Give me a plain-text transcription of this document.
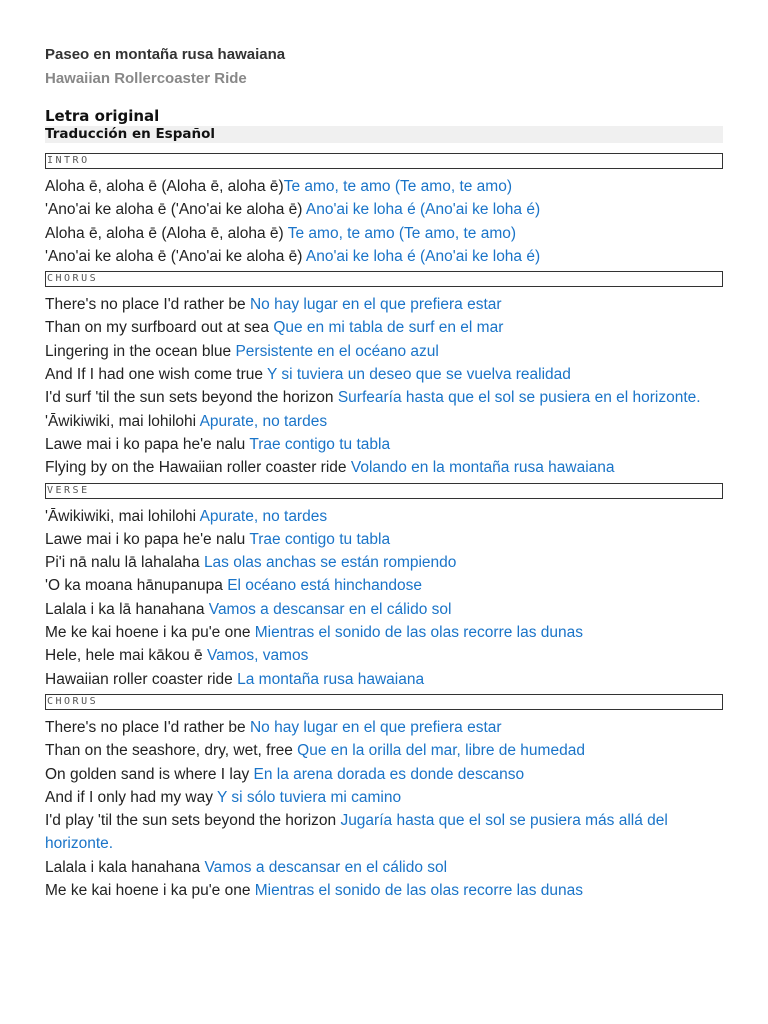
Paseo en montaña rusa hawaiana
Hawaiian Rollercoaster Ride
Letra original
Traducción en Español
INTRO
Aloha ē, aloha ē (Aloha ē, aloha ē)Te amo, te amo (Te amo, te amo)
'Ano'ai ke aloha ē ('Ano'ai ke aloha ē) Ano'ai ke loha é (Ano'ai ke loha é)
Aloha ē, aloha ē (Aloha ē, aloha ē) Te amo, te amo (Te amo, te amo)
'Ano'ai ke aloha ē ('Ano'ai ke aloha ē) Ano'ai ke loha é (Ano'ai ke loha é)
CHORUS
There's no place I'd rather be No hay lugar en el que prefiera estar
Than on my surfboard out at sea Que en mi tabla de surf en el mar
Lingering in the ocean blue Persistente en el océano azul
And If I had one wish come true Y si tuviera un deseo que se vuelva realidad
I'd surf 'til the sun sets beyond the horizon Surfearía hasta que el sol se pusiera en el horizonte.
'Āwikiwiki, mai lohilohi Apurate, no tardes
Lawe mai i ko papa he'e nalu Trae contigo tu tabla
Flying by on the Hawaiian roller coaster ride Volando en la montaña rusa hawaiana
VERSE
'Āwikiwiki, mai lohilohi Apurate, no tardes
Lawe mai i ko papa he'e nalu Trae contigo tu tabla
Pi'i nā nalu lā lahalaha Las olas anchas se están rompiendo
'O ka moana hānupanupa El océano está hinchandose
Lalala i ka lā hanahana Vamos a descansar en el cálido sol
Me ke kai hoene i ka pu'e one Mientras el sonido de las olas recorre las dunas
Hele, hele mai kākou ē Vamos, vamos
Hawaiian roller coaster ride La montaña rusa hawaiana
CHORUS
There's no place I'd rather be No hay lugar en el que prefiera estar
Than on the seashore, dry, wet, free Que en la orilla del mar, libre de humedad
On golden sand is where I lay En la arena dorada es donde descanso
And if I only had my way Y si sólo tuviera mi camino
I'd play 'til the sun sets beyond the horizon Jugaría hasta que el sol se pusiera más allá del horizonte.
Lalala i kala hanahana Vamos a descansar en el cálido sol
Me ke kai hoene i ka pu'e one Mientras el sonido de las olas recorre las dunas
